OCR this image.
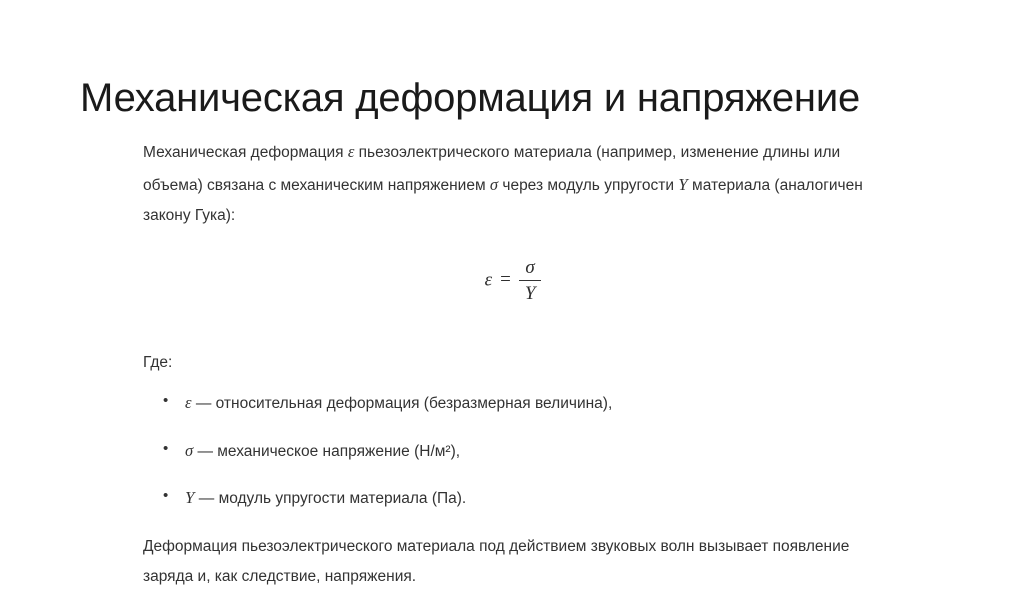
Механическая деформация и напряжение

Механическая деформация ε пьезоэлектрического материала (например, изменение длины или объема) связана с механическим напряжением σ через модуль упругости Y материала (аналогичен закону Гука):

$\varepsilon = \frac{\sigma}{Y}$
Где:
• ε — относительная деформация (безразмерная величина),
• σ — механическое напряжение (Н/м²),
• Y — модуль упругости материала (Па).

Деформация пьезоэлектрического материала под действием звуковых волн вызывает появление заряда и, как следствие, напряжения.
